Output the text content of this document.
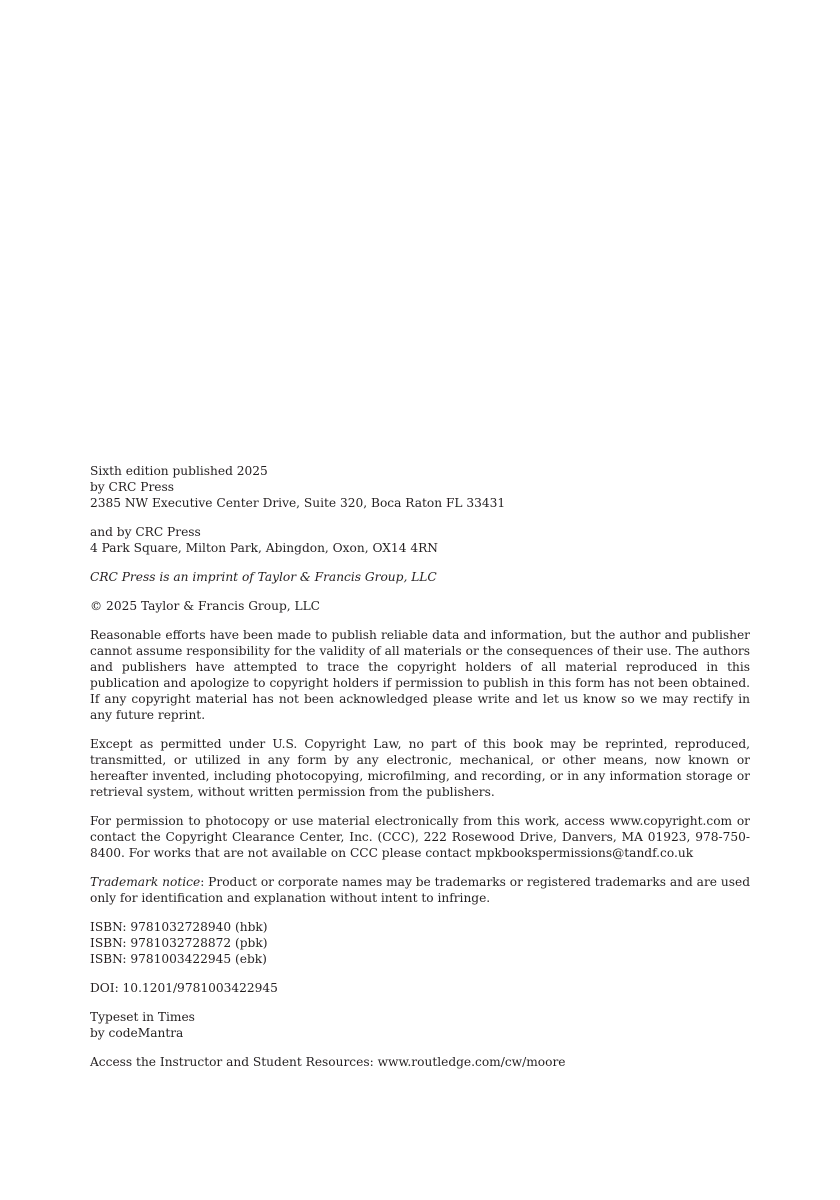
Sixth edition published 2025
by CRC Press
2385 NW Executive Center Drive, Suite 320, Boca Raton FL 33431
and by CRC Press
4 Park Square, Milton Park, Abingdon, Oxon, OX14 4RN
CRC Press is an imprint of Taylor & Francis Group, LLC
© 2025 Taylor & Francis Group, LLC
Reasonable efforts have been made to publish reliable data and information, but the author and publisher cannot assume responsibility for the validity of all materials or the consequences of their use. The authors and publishers have attempted to trace the copyright holders of all material reproduced in this publication and apologize to copyright holders if permission to publish in this form has not been obtained. If any copyright material has not been acknowledged please write and let us know so we may rectify in any future reprint.
Except as permitted under U.S. Copyright Law, no part of this book may be reprinted, reproduced, transmitted, or utilized in any form by any electronic, mechanical, or other means, now known or hereafter invented, including photocopying, microfilming, and recording, or in any information storage or retrieval system, without written permission from the publishers.
For permission to photocopy or use material electronically from this work, access www.copyright.com or contact the Copyright Clearance Center, Inc. (CCC), 222 Rosewood Drive, Danvers, MA 01923, 978-750-8400. For works that are not available on CCC please contact mpkbookspermissions@tandf.co.uk
Trademark notice: Product or corporate names may be trademarks or registered trademarks and are used only for identification and explanation without intent to infringe.
ISBN: 9781032728940 (hbk)
ISBN: 9781032728872 (pbk)
ISBN: 9781003422945 (ebk)
DOI: 10.1201/9781003422945
Typeset in Times
by codeMantra
Access the Instructor and Student Resources: www.routledge.com/cw/moore
